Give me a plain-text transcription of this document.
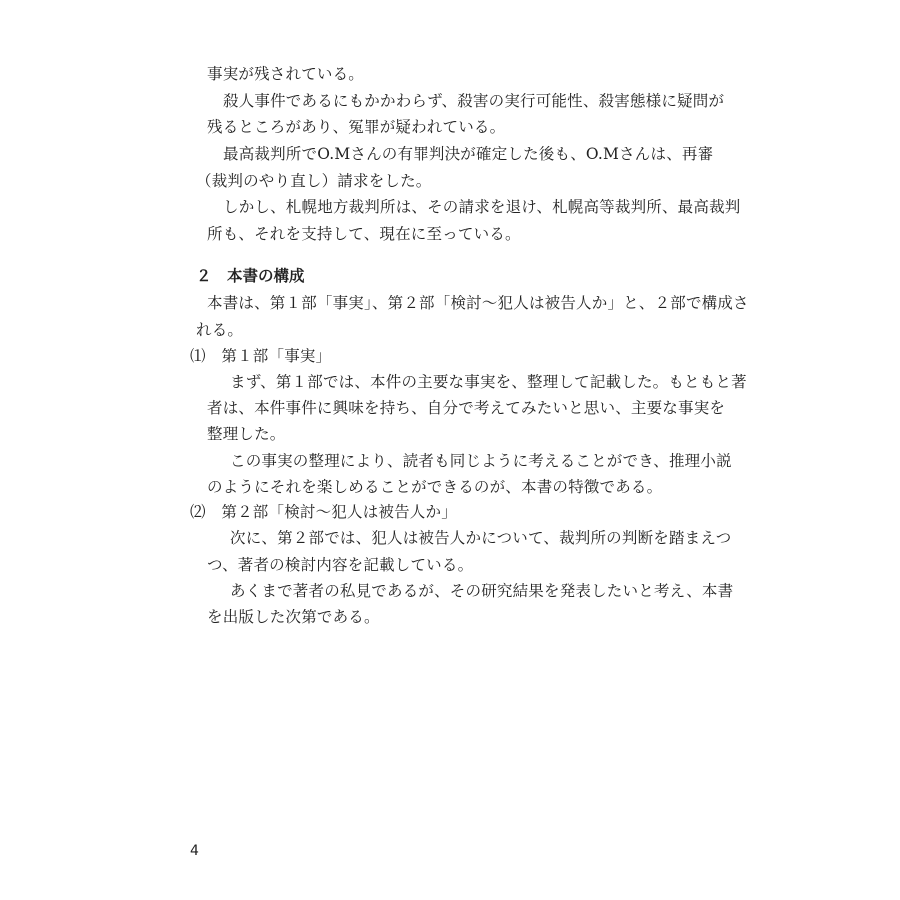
事実が残されている。
殺人事件であるにもかかわらず、殺害の実行可能性、殺害態様に疑問が
残るところがあり、冤罪が疑われている。
最高裁判所でO.Mさんの有罪判決が確定した後も、O.Mさんは、再審
（裁判のやり直し）請求をした。
しかし、札幌地方裁判所は、その請求を退け、札幌高等裁判所、最高裁判
所も、それを支持して、現在に至っている。
２　本書の構成
本書は、第１部「事実」、第２部「検討〜犯人は被告人か」と、２部で構成さ
れる。
⑴　第１部「事実」
まず、第１部では、本件の主要な事実を、整理して記載した。もともと著
者は、本件事件に興味を持ち、自分で考えてみたいと思い、主要な事実を
整理した。
この事実の整理により、読者も同じように考えることができ、推理小説
のようにそれを楽しめることができるのが、本書の特徴である。
⑵　第２部「検討〜犯人は被告人か」
次に、第２部では、犯人は被告人かについて、裁判所の判断を踏まえつ
つ、著者の検討内容を記載している。
あくまで著者の私見であるが、その研究結果を発表したいと考え、本書
を出版した次第である。
4
